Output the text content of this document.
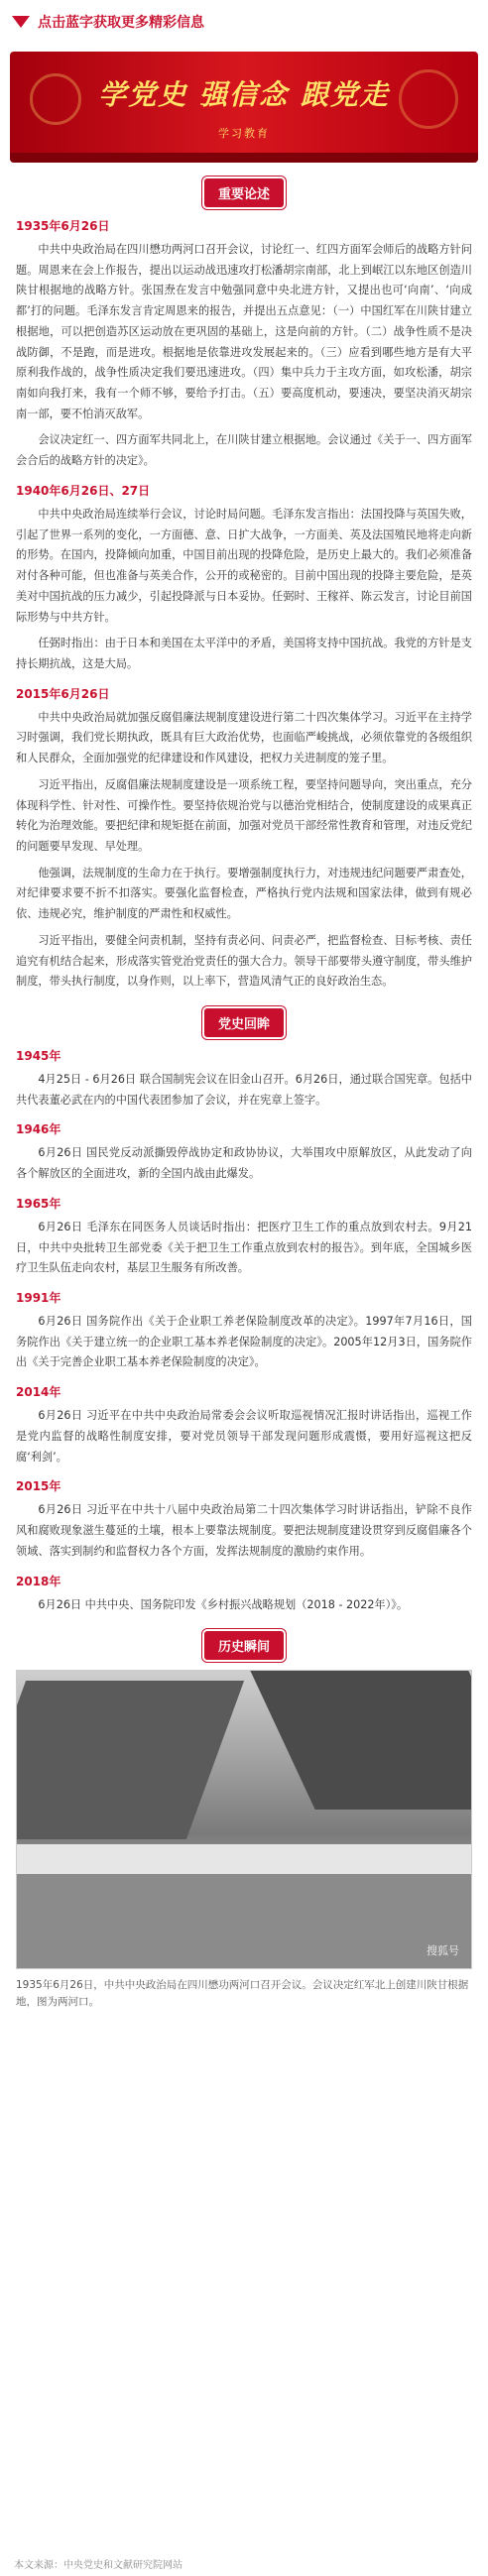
点击蓝字获取更多精彩信息
学党史 强信念 跟党走
学习教育
重要论述
1935年6月26日

中共中央政治局在四川懋功两河口召开会议，讨论红一、红四方面军会师后的战略方针问题。周恩来在会上作报告，提出以运动战迅速攻打松潘胡宗南部，北上到岷江以东地区创造川陕甘根据地的战略方针。张国焘在发言中勉强同意中央北进方针，又提出也可‘向南’、‘向成都’打的问题。毛泽东发言肯定周恩来的报告，并提出五点意见：（一）中国红军在川陕甘建立根据地，可以把创造苏区运动放在更巩固的基础上，这是向前的方针。（二）战争性质不是决战防御，不是跑，而是进攻。根据地是依靠进攻发展起来的。（三）应看到哪些地方是有大平原利我作战的，战争性质决定我们要迅速进攻。（四）集中兵力于主攻方面，如攻松潘，胡宗南如向我打来，我有一个师不够，要给予打击。（五）要高度机动，要速决，要坚决消灭胡宗南一部，要不怕消灭敌军。

会议决定红一、四方面军共同北上，在川陕甘建立根据地。会议通过《关于一、四方面军会合后的战略方针的决定》。

1940年6月26日、27日

中共中央政治局连续举行会议，讨论时局问题。毛泽东发言指出：法国投降与英国失败，引起了世界一系列的变化，一方面德、意、日扩大战争，一方面美、英及法国殖民地将走向新的形势。在国内，投降倾向加重，中国目前出现的投降危险，是历史上最大的。我们必须准备对付各种可能，但也准备与英美合作，公开的或秘密的。目前中国出现的投降主要危险，是英美对中国抗战的压力减少，引起投降派与日本妥协。任弼时、王稼祥、陈云发言，讨论目前国际形势与中共方针。

任弼时指出：由于日本和美国在太平洋中的矛盾，美国将支持中国抗战。我党的方针是支持长期抗战，这是大局。

2015年6月26日

中共中央政治局就加强反腐倡廉法规制度建设进行第二十四次集体学习。习近平在主持学习时强调，我们党长期执政，既具有巨大政治优势，也面临严峻挑战，必须依靠党的各级组织和人民群众，全面加强党的纪律建设和作风建设，把权力关进制度的笼子里。

习近平指出，反腐倡廉法规制度建设是一项系统工程，要坚持问题导向，突出重点，充分体现科学性、针对性、可操作性。要坚持依规治党与以德治党相结合，使制度建设的成果真正转化为治理效能。要把纪律和规矩挺在前面，加强对党员干部经常性教育和管理，对违反党纪的问题要早发现、早处理。

他强调，法规制度的生命力在于执行。要增强制度执行力，对违规违纪问题要严肃查处，对纪律要求要不折不扣落实。要强化监督检查，严格执行党内法规和国家法律，做到有规必依、违规必究，维护制度的严肃性和权威性。

习近平指出，要健全问责机制，坚持有责必问、问责必严，把监督检查、目标考核、责任追究有机结合起来，形成落实管党治党责任的强大合力。领导干部要带头遵守制度，带头维护制度，带头执行制度，以身作则，以上率下，营造风清气正的良好政治生态。

党史回眸
1945年

4月25日 - 6月26日 联合国制宪会议在旧金山召开。6月26日，通过联合国宪章。包括中共代表董必武在内的中国代表团参加了会议，并在宪章上签字。

1946年

6月26日 国民党反动派撕毁停战协定和政协协议，大举围攻中原解放区，从此发动了向各个解放区的全面进攻，新的全国内战由此爆发。

1965年

6月26日 毛泽东在同医务人员谈话时指出：把医疗卫生工作的重点放到农村去。9月21日，中共中央批转卫生部党委《关于把卫生工作重点放到农村的报告》。到年底，全国城乡医疗卫生队伍走向农村，基层卫生服务有所改善。

1991年

6月26日 国务院作出《关于企业职工养老保险制度改革的决定》。1997年7月16日，国务院作出《关于建立统一的企业职工基本养老保险制度的决定》。2005年12月3日，国务院作出《关于完善企业职工基本养老保险制度的决定》。

2014年

6月26日 习近平在中共中央政治局常委会会议听取巡视情况汇报时讲话指出，巡视工作是党内监督的战略性制度安排，要对党员领导干部发现问题形成震慑，要用好巡视这把反腐‘利剑’。

2015年

6月26日 习近平在中共十八届中央政治局第二十四次集体学习时讲话指出，铲除不良作风和腐败现象滋生蔓延的土壤，根本上要靠法规制度。要把法规制度建设贯穿到反腐倡廉各个领域、落实到制约和监督权力各个方面，发挥法规制度的激励约束作用。

2018年

6月26日 中共中央、国务院印发《乡村振兴战略规划（2018 - 2022年）》。

历史瞬间
搜狐号
1935年6月26日，中共中央政治局在四川懋功两河口召开会议。会议决定红军北上创建川陕甘根据地，图为两河口。
本文来源：中央党史和文献研究院网站
